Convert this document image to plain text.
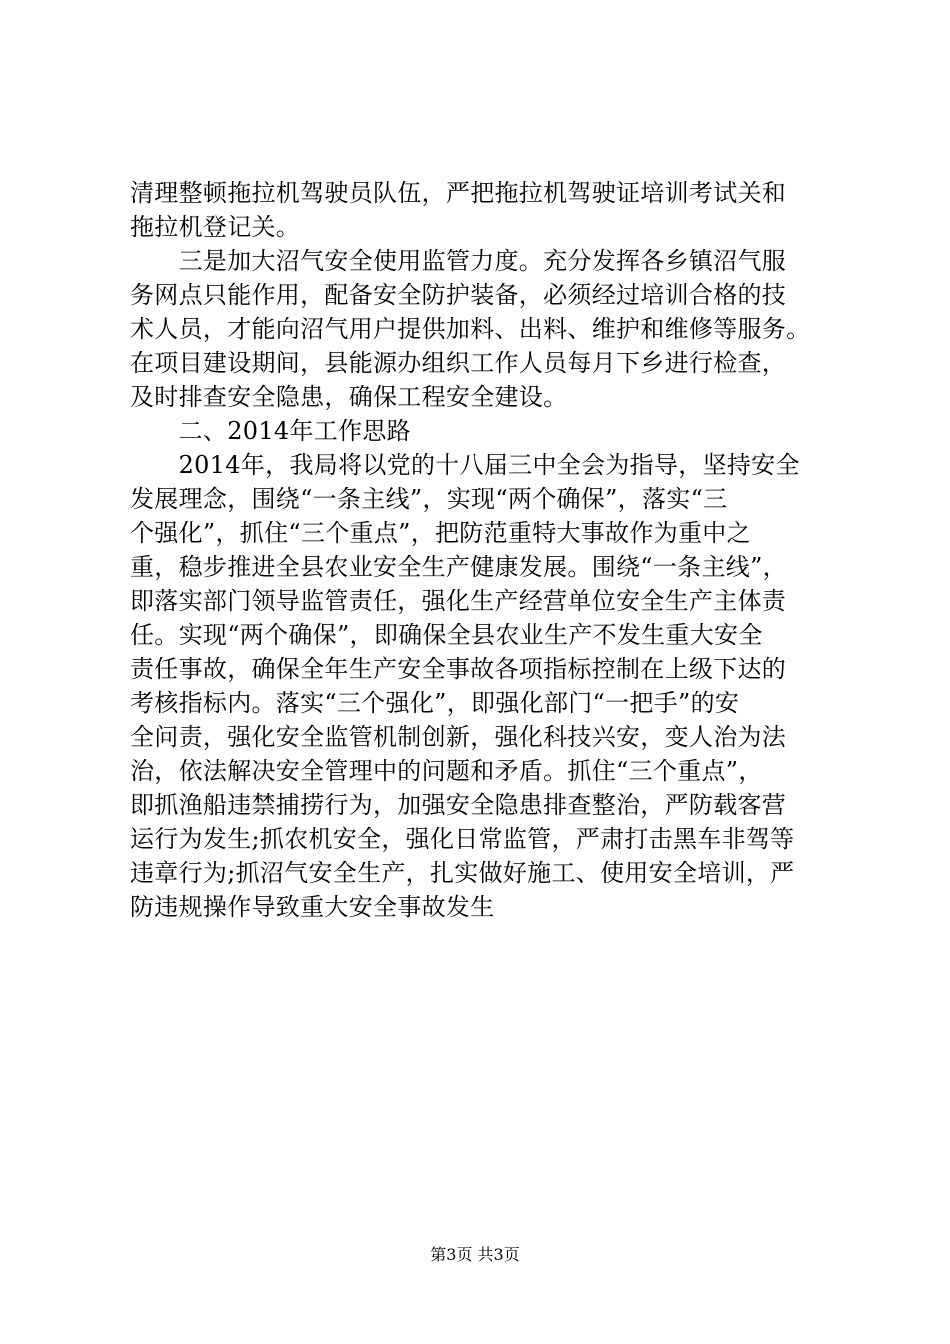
清理整顿拖拉机驾驶员队伍，严把拖拉机驾驶证培训考试关和
拖拉机登记关。
　　三是加大沼气安全使用监管力度。充分发挥各乡镇沼气服
务网点只能作用，配备安全防护装备，必须经过培训合格的技
术人员，才能向沼气用户提供加料、出料、维护和维修等服务。
在项目建设期间，县能源办组织工作人员每月下乡进行检查，
及时排查安全隐患，确保工程安全建设。
　　二、2014年工作思路
　　2014年，我局将以党的十八届三中全会为指导，坚持安全
发展理念，围绕“一条主线”，实现“两个确保”，落实“三
个强化”，抓住“三个重点”，把防范重特大事故作为重中之
重，稳步推进全县农业安全生产健康发展。围绕“一条主线”，
即落实部门领导监管责任，强化生产经营单位安全生产主体责
任。实现“两个确保”，即确保全县农业生产不发生重大安全
责任事故，确保全年生产安全事故各项指标控制在上级下达的
考核指标内。落实“三个强化”，即强化部门“一把手”的安
全问责，强化安全监管机制创新，强化科技兴安，变人治为法
治，依法解决安全管理中的问题和矛盾。抓住“三个重点”，
即抓渔船违禁捕捞行为，加强安全隐患排查整治，严防载客营
运行为发生;抓农机安全，强化日常监管，严肃打击黑车非驾等
违章行为;抓沼气安全生产，扎实做好施工、使用安全培训，严
防违规操作导致重大安全事故发生
第3页 共3页
